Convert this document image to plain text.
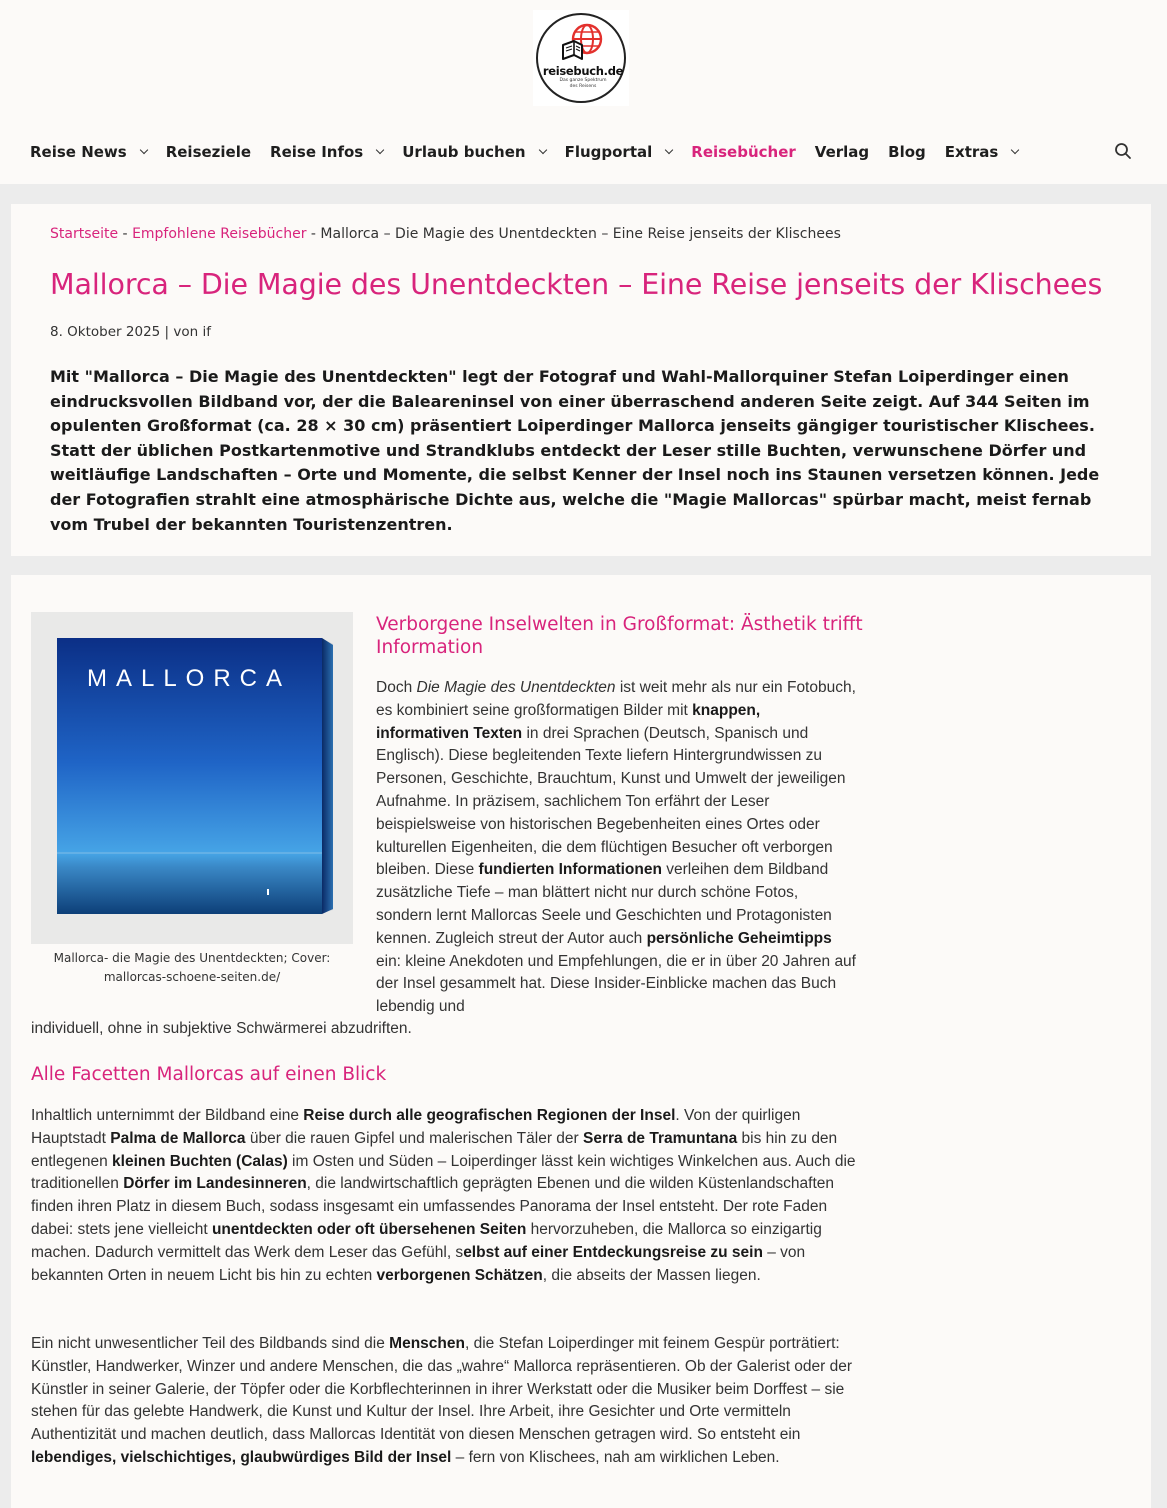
reisebuch.de
Das ganze Spektrum
des Reisens
Reise News	Reiseziele Reise Infos	Urlaub buchen	Flugportal	Reisebücher Verlag Blog Extras
Startseite - Empfohlene Reisebücher - Mallorca – Die Magie des Unentdeckten – Eine Reise jenseits der Klischees
Mallorca – Die Magie des Unentdeckten – Eine Reise jenseits der Klischees
8. Oktober 2025 | von if

Mit "Mallorca – Die Magie des Unentdeckten" legt der Fotograf und Wahl-Mallorquiner Stefan Loiperdinger einen eindrucksvollen Bildband vor, der die Baleareninsel von einer überraschend anderen Seite zeigt. Auf 344 Seiten im opulenten Großformat (ca. 28 × 30 cm) präsentiert Loiperdinger Mallorca jenseits gängiger touristischer Klischees. Statt der üblichen Postkartenmotive und Strandklubs entdeckt der Leser stille Buchten, verwunschene Dörfer und weitläufige Landschaften – Orte und Momente, die selbst Kenner der Insel noch ins Staunen versetzen können. Jede der Fotografien strahlt eine atmosphärische Dichte aus, welche die "Magie Mallorcas" spürbar macht, meist fernab vom Trubel der bekannten Touristenzentren.

MALLORCA
Mallorca- die Magie des Unentdeckten; Cover:
mallorcas-schoene-seiten.de/
Verborgene Inselwelten in Großformat: Ästhetik trifft Information

Doch Die Magie des Unentdeckten ist weit mehr als nur ein Fotobuch, es kombiniert seine großformatigen Bilder mit knappen, informativen Texten in drei Sprachen (Deutsch, Spanisch und Englisch). Diese begleitenden Texte liefern Hintergrundwissen zu Personen, Geschichte, Brauchtum, Kunst und Umwelt der jeweiligen Aufnahme. In präzisem, sachlichem Ton erfährt der Leser beispielsweise von historischen Begebenheiten eines Ortes oder kulturellen Eigenheiten, die dem flüchtigen Besucher oft verborgen bleiben. Diese fundierten Informationen verleihen dem Bildband zusätzliche Tiefe – man blättert nicht nur durch schöne Fotos, sondern lernt Mallorcas Seele und Geschichten und Protagonisten kennen. Zugleich streut der Autor auch persönliche Geheimtipps ein: kleine Anekdoten und Empfehlungen, die er in über 20 Jahren auf der Insel gesammelt hat. Diese Insider-Einblicke machen das Buch lebendig und

individuell, ohne in subjektive Schwärmerei abzudriften.

Alle Facetten Mallorcas auf einen Blick

Inhaltlich unternimmt der Bildband eine Reise durch alle geografischen Regionen der Insel. Von der quirligen Hauptstadt Palma de Mallorca über die rauen Gipfel und malerischen Täler der Serra de Tramuntana bis hin zu den entlegenen kleinen Buchten (Calas) im Osten und Süden – Loiperdinger lässt kein wichtiges Winkelchen aus. Auch die traditionellen Dörfer im Landesinneren, die landwirtschaftlich geprägten Ebenen und die wilden Küstenlandschaften finden ihren Platz in diesem Buch, sodass insgesamt ein umfassendes Panorama der Insel entsteht. Der rote Faden dabei: stets jene vielleicht unentdeckten oder oft übersehenen Seiten hervorzuheben, die Mallorca so einzigartig machen. Dadurch vermittelt das Werk dem Leser das Gefühl, selbst auf einer Entdeckungsreise zu sein – von bekannten Orten in neuem Licht bis hin zu echten verborgenen Schätzen, die abseits der Massen liegen.

Ein nicht unwesentlicher Teil des Bildbands sind die Menschen, die Stefan Loiperdinger mit feinem Gespür porträtiert: Künstler, Handwerker, Winzer und andere Menschen, die das „wahre“ Mallorca repräsentieren. Ob der Galerist oder der Künstler in seiner Galerie, der Töpfer oder die Korbflechterinnen in ihrer Werkstatt oder die Musiker beim Dorffest – sie stehen für das gelebte Handwerk, die Kunst und Kultur der Insel. Ihre Arbeit, ihre Gesichter und Orte vermitteln Authentizität und machen deutlich, dass Mallorcas Identität von diesen Menschen getragen wird. So entsteht ein lebendiges, vielschichtiges, glaubwürdiges Bild der Insel – fern von Klischees, nah am wirklichen Leben.
